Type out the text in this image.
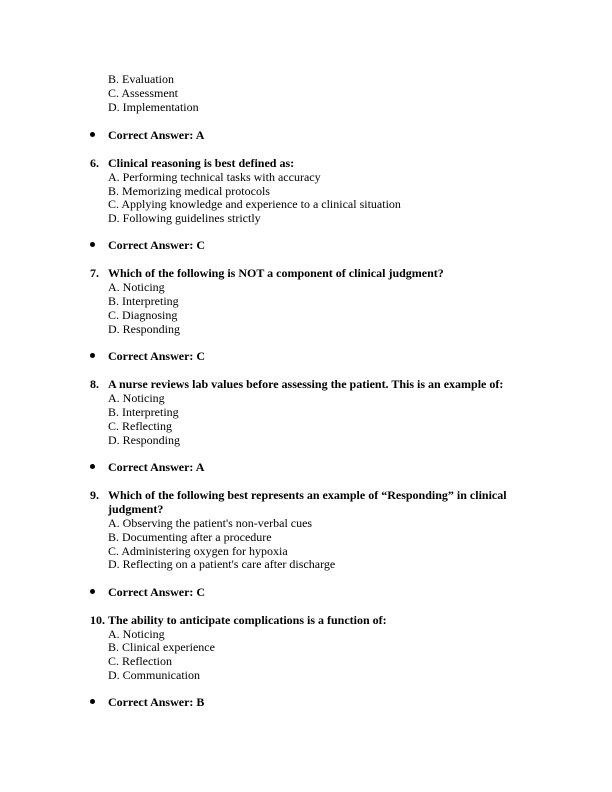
B. Evaluation
C. Assessment
D. Implementation
Correct Answer: A
6. Clinical reasoning is best defined as:
A. Performing technical tasks with accuracy
B. Memorizing medical protocols
C. Applying knowledge and experience to a clinical situation
D. Following guidelines strictly
Correct Answer: C
7. Which of the following is NOT a component of clinical judgment?
A. Noticing
B. Interpreting
C. Diagnosing
D. Responding
Correct Answer: C
8. A nurse reviews lab values before assessing the patient. This is an example of:
A. Noticing
B. Interpreting
C. Reflecting
D. Responding
Correct Answer: A
9. Which of the following best represents an example of “Responding” in clinical
judgment?
A. Observing the patient's non-verbal cues
B. Documenting after a procedure
C. Administering oxygen for hypoxia
D. Reflecting on a patient's care after discharge
Correct Answer: C
10. The ability to anticipate complications is a function of:
A. Noticing
B. Clinical experience
C. Reflection
D. Communication
Correct Answer: B
